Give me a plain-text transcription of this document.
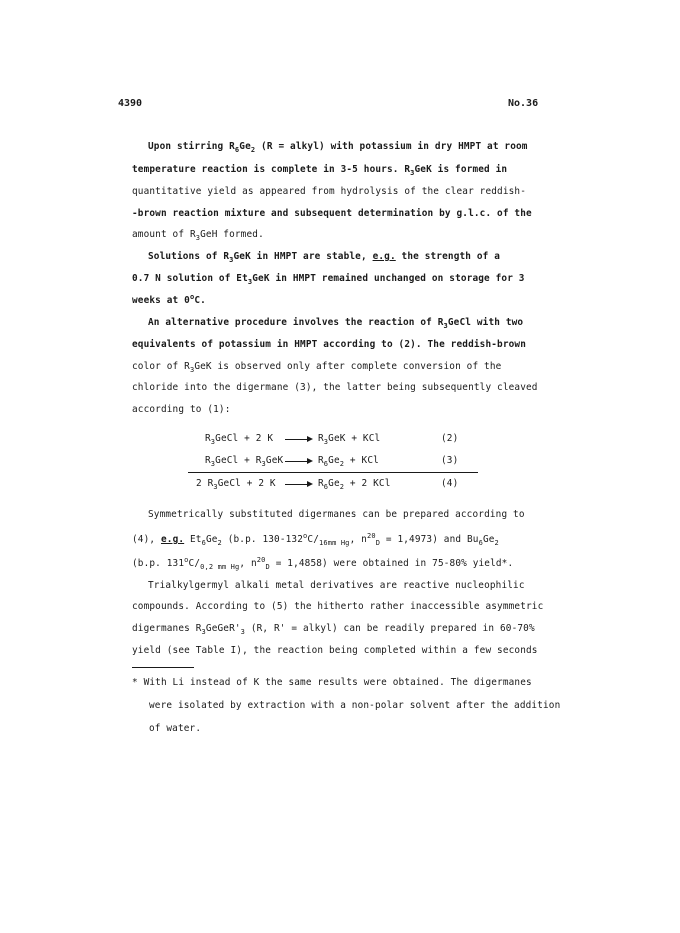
4390	No.36
Upon stirring $R_6Ge_2$ (R = alkyl) with potassium in dry HMPT at room
temperature reaction is complete in 3-5 hours. $R_3GeK$ is formed in
quantitative yield as appeared from hydrolysis of the clear reddish-
-brown reaction mixture and subsequent determination by g.l.c. of the
amount of $R_3GeH$ formed.
Solutions of $R_3GeK$ in HMPT are stable, e.g. the strength of a
0.7 N solution of $Et_3GeK$ in HMPT remained unchanged on storage for 3
weeks at 0$^o$C.
An alternative procedure involves the reaction of $R_3GeCl$ with two
equivalents of potassium in HMPT according to (2). The reddish-brown
color of $R_3GeK$ is observed only after complete conversion of the
chloride into the digermane (3), the latter being subsequently cleaved
according to (1):
$R_3GeCl + 2$ $K \to R_3GeK$ + KCl	(2)
$R_3GeCl + R_3GeK \to R_6Ge_2$ + KCl	(3)
2 $R_3GeCl + 2$ $K \to R_6Ge_2 + 2$ KCl	(4)
Symmetrically substituted digermanes can be prepared according to
(4), e.g. $Et_6Ge_2$ (b.p. $130-132^oC/_{16mm Hg}$, $n^{20}_D = 1,4973$) and $Bu_6Ge_2$
(b.p. $131^oC/_{0,2 mm Hg}$, $n^{20}_D = 1,4858$) were obtained in 75-80% yield*.
Trialkylgermyl alkali metal derivatives are reactive nucleophilic
compounds. According to (5) the hitherto rather inaccessible asymmetric
digermanes $R_3GeGeR'_3$ (R, R' = alkyl) can be readily prepared in 60-70%
yield (see Table I), the reaction being completed within a few seconds
* With Li instead of K the same results were obtained. The digermanes
were isolated by extraction with a non-polar solvent after the addition
of water.
